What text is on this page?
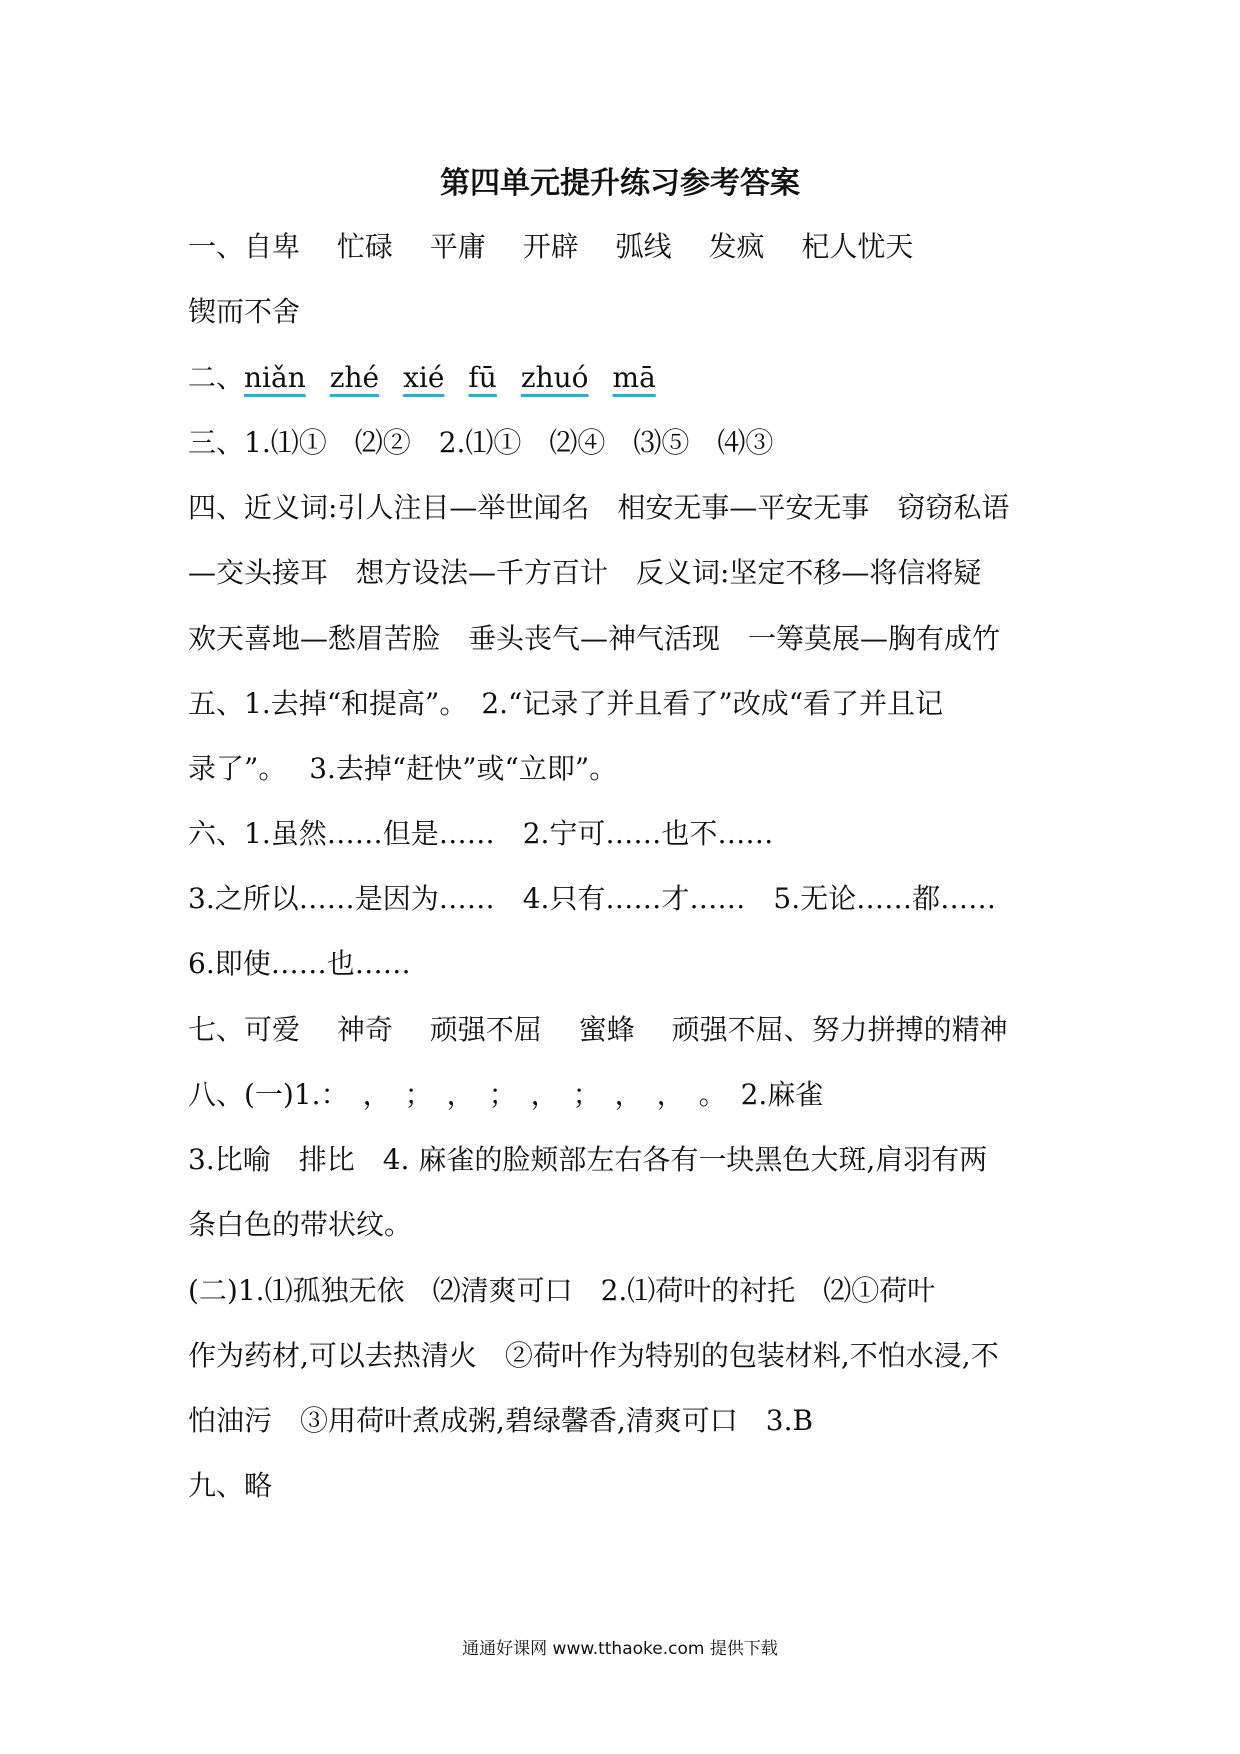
第四单元提升练习参考答案
一、自卑　 忙碌　 平庸　 开辟　 弧线　 发疯　 杞人忧天
锲而不舍
二、niǎn zhé xié fū zhuó mā
三、1.⑴①　⑵②　2.⑴①　⑵④　⑶⑤　⑷③
四、近义词:引人注目—举世闻名　相安无事—平安无事　窃窃私语
—交头接耳　想方设法—千方百计　反义词:坚定不移—将信将疑
欢天喜地—愁眉苦脸　垂头丧气—神气活现　一筹莫展—胸有成竹
五、1.去掉“和提高”。　2.“记录了并且看了”改成“看了并且记
录了”。　 3.去掉“赶快”或“立即”。
六、1.虽然……但是……　2.宁可……也不……
3.之所以……是因为……　4.只有……才……　5.无论……都……
6.即使……也……
七、可爱　 神奇　 顽强不屈　 蜜蜂　 顽强不屈、努力拼搏的精神
八、(一)1.：　，　；　，　；　，　；　，　，　。　2.麻雀
3.比喻　排比　4. 麻雀的脸颊部左右各有一块黑色大斑,肩羽有两
条白色的带状纹。
(二)1.⑴孤独无依　⑵清爽可口　2.⑴荷叶的衬托　⑵①荷叶
作为药材,可以去热清火　②荷叶作为特别的包装材料,不怕水浸,不
怕油污　③用荷叶煮成粥,碧绿馨香,清爽可口　3.B
九、略
通通好课网 www.tthaoke.com 提供下载
